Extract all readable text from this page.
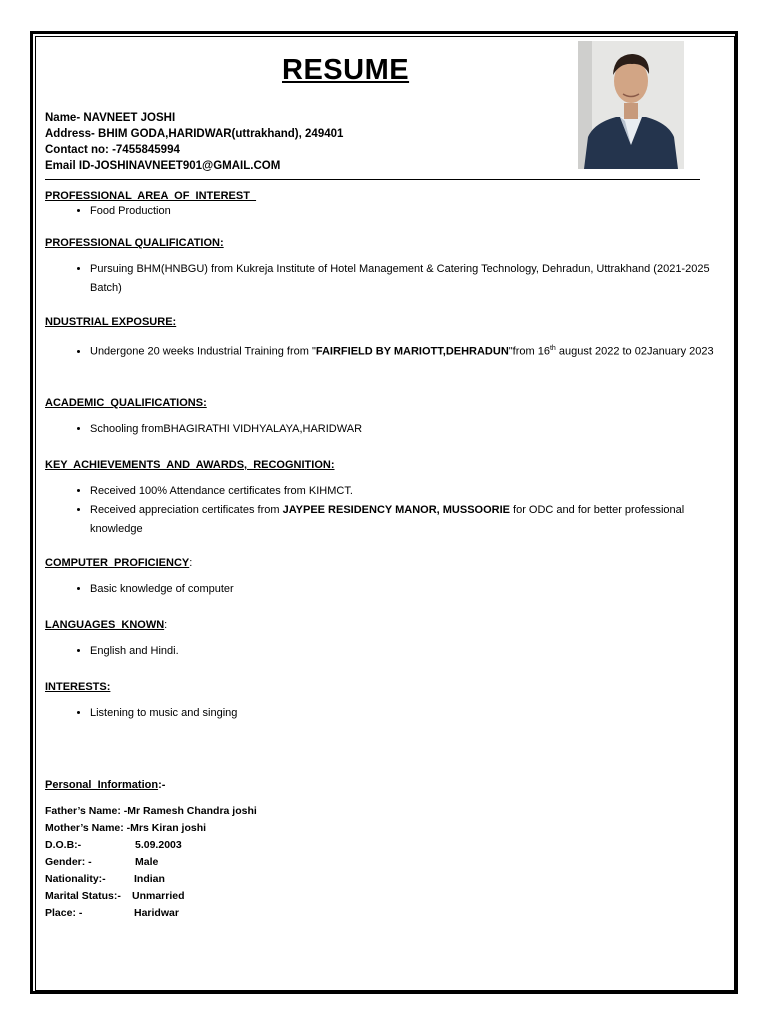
RESUME
Name- NAVNEET JOSHI
Address- BHIM GODA,HARIDWAR(uttrakhand), 249401
Contact no: -7455845994
Email ID-JOSHINAVNEET901@GMAIL.COM
PROFESSIONAL  AREA  OF  INTEREST
• Food Production
PROFESSIONAL QUALIFICATION:
• Pursuing BHM(HNBGU) from Kukreja Institute of Hotel Management & Catering Technology, Dehradun, Uttrakhand (2021-2025 Batch)
NDUSTRIAL EXPOSURE:
• Undergone 20 weeks Industrial Training from "FAIRFIELD BY MARIOTT,DEHRADUN"from 16th august 2022 to 02January 2023
ACADEMIC  QUALIFICATIONS:
• Schooling fromBHAGIRATHI VIDHYALAYA,HARIDWAR
KEY  ACHIEVEMENTS  AND  AWARDS,  RECOGNITION:
• Received 100% Attendance certificates from KIHMCT.
• Received appreciation certificates from JAYPEE RESIDENCY MANOR, MUSSOORIE for ODC and for better professional knowledge
COMPUTER  PROFICIENCY:
• Basic knowledge of computer
LANGUAGES  KNOWN:
• English and Hindi.
INTERESTS:
• Listening to music and singing
Personal  Information:-
Father’s Name: -Mr Ramesh Chandra joshi
Mother’s Name: -Mrs Kiran joshi
D.O.B:-	5.09.2003
Gender: -	Male
Nationality:-	Indian
Marital Status:-	Unmarried
Place: -	Haridwar
